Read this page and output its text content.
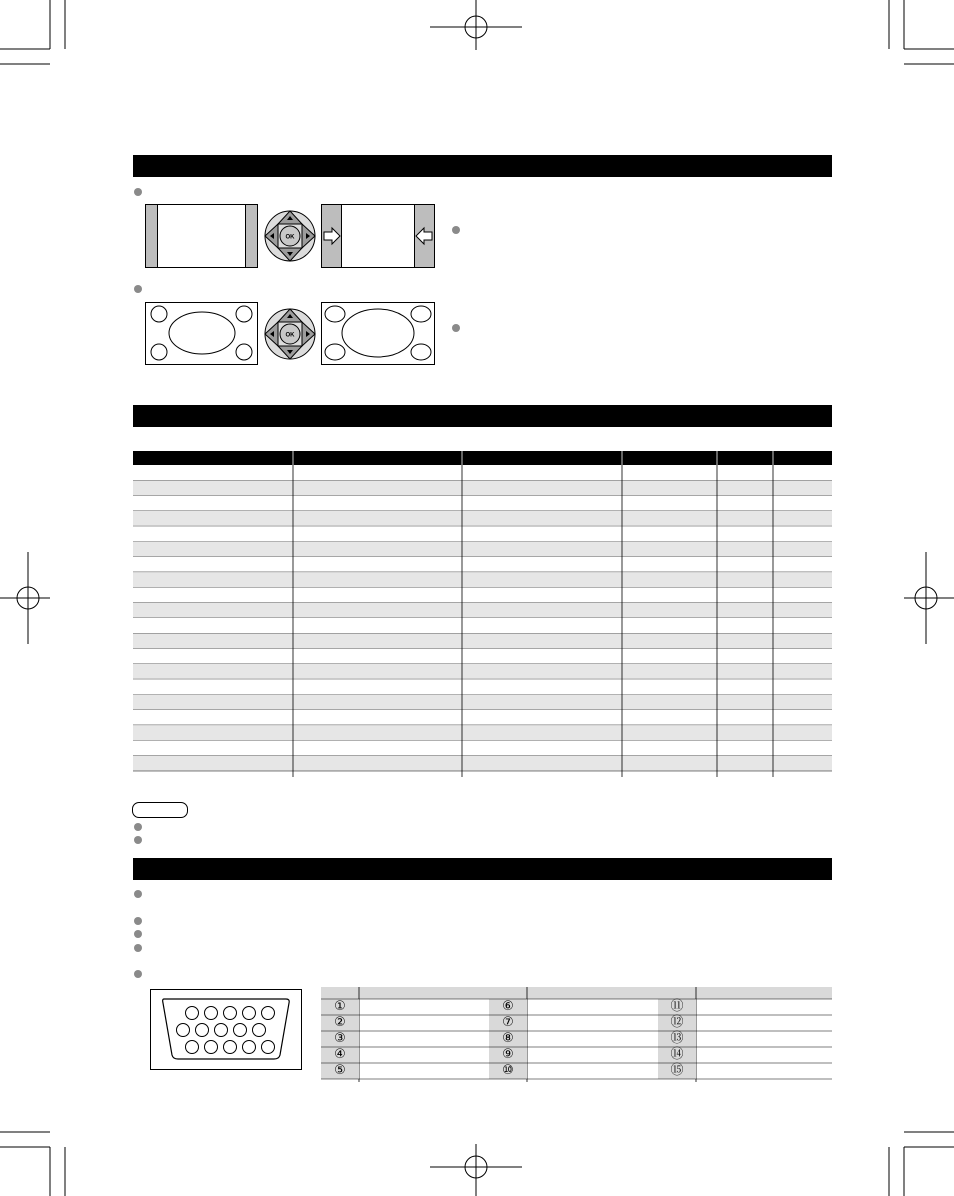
OK
OK
①	⑥	⑪
②	⑦	⑫
③	⑧	⑬
④	⑨	⑭
⑤	⑩	⑮
